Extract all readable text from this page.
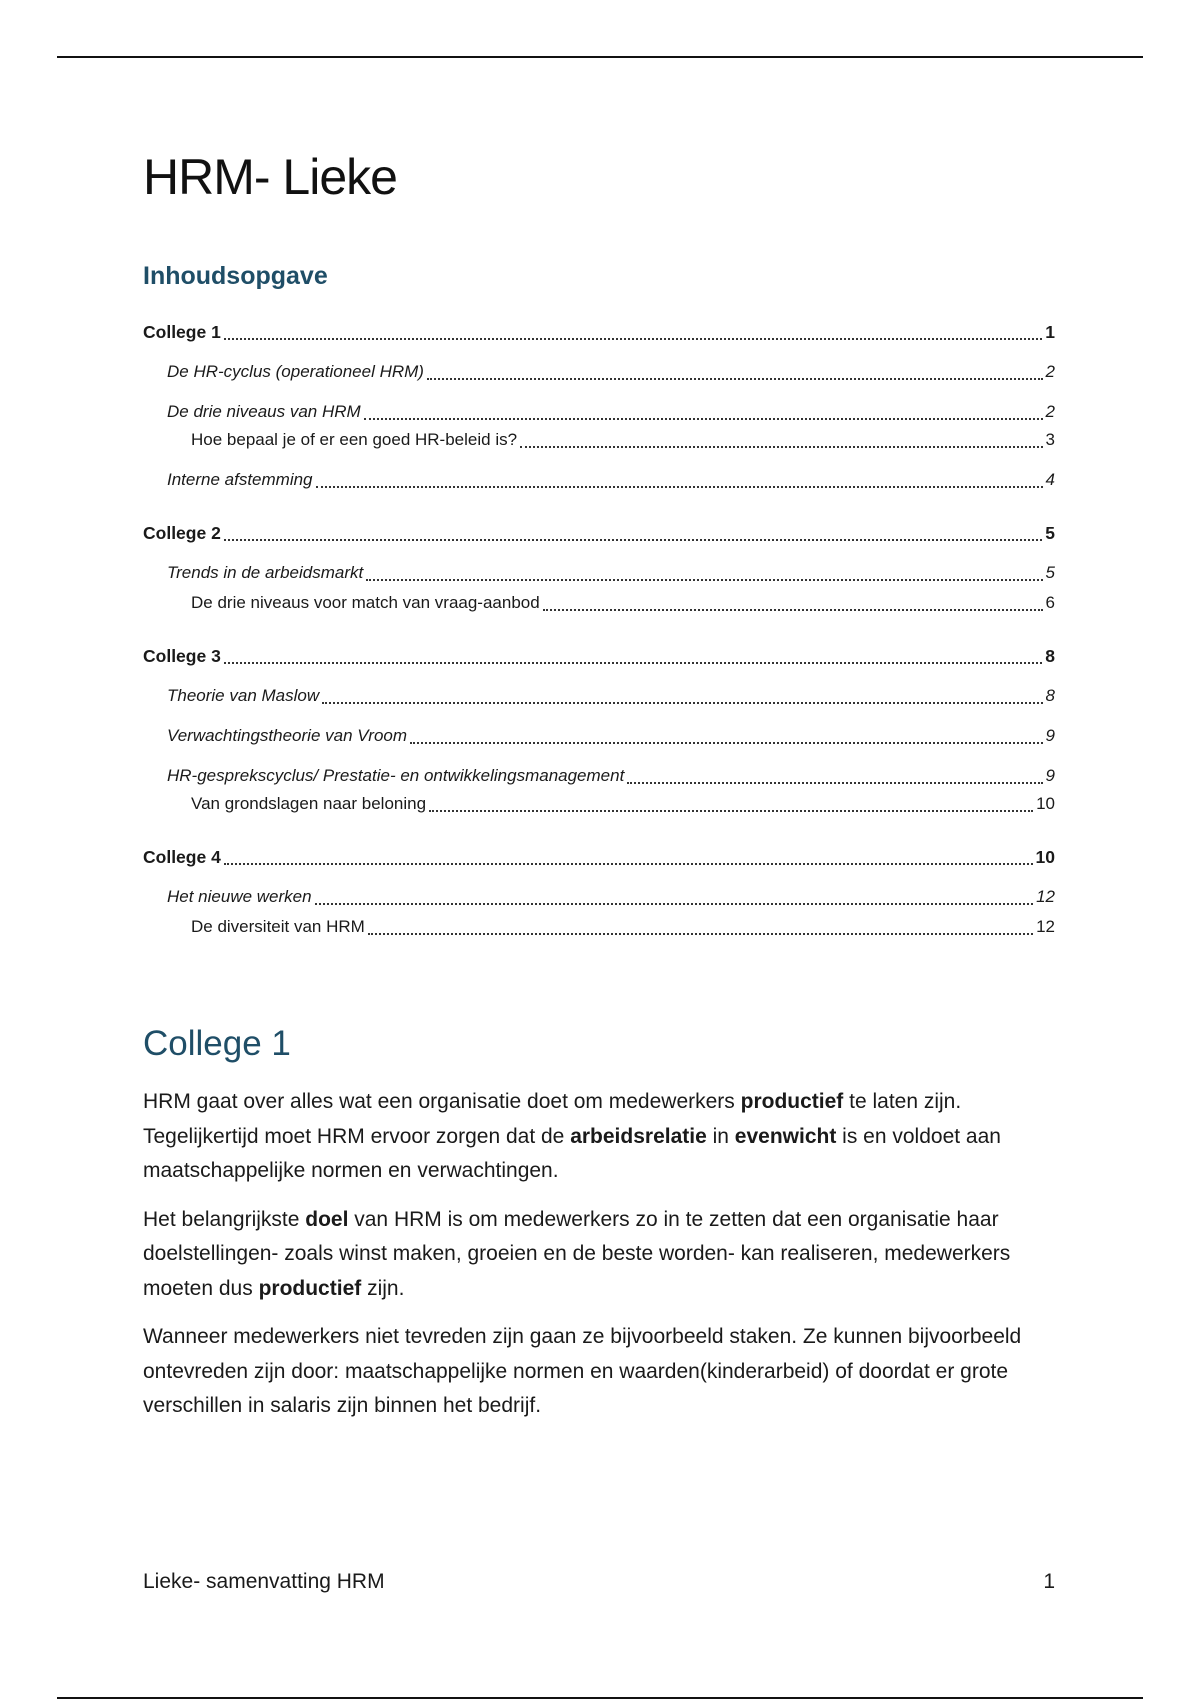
HRM- Lieke
Inhoudsopgave
College 1	1
De HR-cyclus (operationeel HRM)	2
De drie niveaus van HRM	2
Hoe bepaal je of er een goed HR-beleid is?	3
Interne afstemming	4
College 2	5
Trends in de arbeidsmarkt	5
De drie niveaus voor match van vraag-aanbod	6
College 3	8
Theorie van Maslow	8
Verwachtingstheorie van Vroom	9
HR-gesprekscyclus/ Prestatie- en ontwikkelingsmanagement	9
Van grondslagen naar beloning	10
College 4	10
Het nieuwe werken	12
De diversiteit van HRM	12
College 1

HRM gaat over alles wat een organisatie doet om medewerkers productief te laten zijn. Tegelijkertijd moet HRM ervoor zorgen dat de arbeidsrelatie in evenwicht is en voldoet aan maatschappelijke normen en verwachtingen.

Het belangrijkste doel van HRM is om medewerkers zo in te zetten dat een organisatie haar doelstellingen- zoals winst maken, groeien en de beste worden- kan realiseren, medewerkers moeten dus productief zijn.

Wanneer medewerkers niet tevreden zijn gaan ze bijvoorbeeld staken. Ze kunnen bijvoorbeeld ontevreden zijn door: maatschappelijke normen en waarden(kinderarbeid) of doordat er grote verschillen in salaris zijn binnen het bedrijf.

Lieke- samenvatting HRM	1
